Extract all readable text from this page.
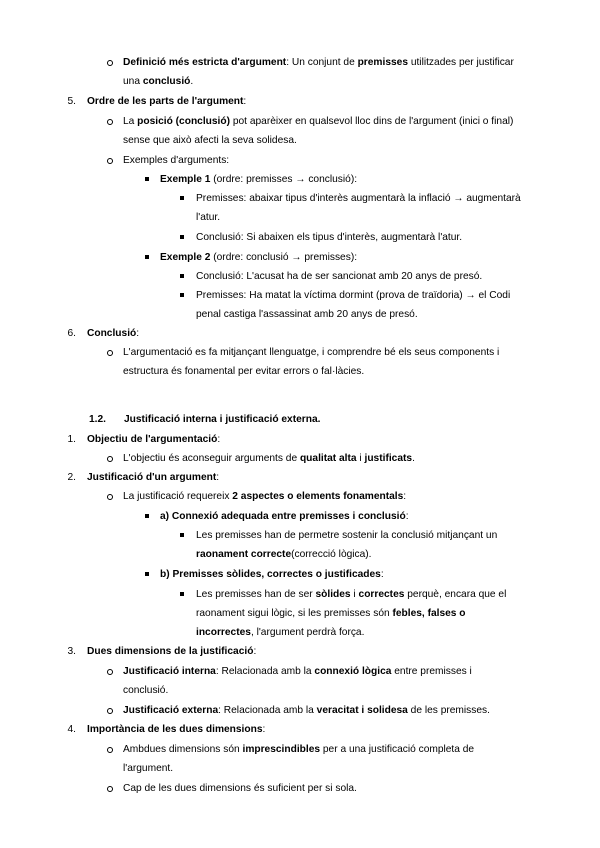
Definició més estricta d'argument: Un conjunt de premisses utilitzades per justificar
una conclusió.
5. Ordre de les parts de l'argument:
La posició (conclusió) pot aparèixer en qualsevol lloc dins de l'argument (inici o final)
sense que això afecti la seva solidesa.
Exemples d'arguments:
Exemple 1 (ordre: premisses → conclusió):
Premisses: abaixar tipus d'interès augmentarà la inflació → augmentarà
l'atur.
Conclusió: Si abaixen els tipus d'interès, augmentarà l'atur.
Exemple 2 (ordre: conclusió → premisses):
Conclusió: L'acusat ha de ser sancionat amb 20 anys de presó.
Premisses: Ha matat la víctima dormint (prova de traïdoria) → el Codi
penal castiga l'assassinat amb 20 anys de presó.
6. Conclusió:
L'argumentació es fa mitjançant llenguatge, i comprendre bé els seus components i
estructura és fonamental per evitar errors o fal·làcies.
1.2. Justificació interna i justificació externa.
1. Objectiu de l'argumentació:
L'objectiu és aconseguir arguments de qualitat alta i justificats.
2. Justificació d'un argument:
La justificació requereix 2 aspectes o elements fonamentals:
a) Connexió adequada entre premisses i conclusió:
Les premisses han de permetre sostenir la conclusió mitjançant un
raonament correcte(correcció lògica).
b) Premisses sòlides, correctes o justificades:
Les premisses han de ser sòlides i correctes perquè, encara que el
raonament sigui lògic, si les premisses són febles, falses o
incorrectes, l'argument perdrà força.
3. Dues dimensions de la justificació:
Justificació interna: Relacionada amb la connexió lògica entre premisses i
conclusió.
Justificació externa: Relacionada amb la veracitat i solidesa de les premisses.
4. Importància de les dues dimensions:
Ambdues dimensions són imprescindibles per a una justificació completa de
l'argument.
Cap de les dues dimensions és suficient per si sola.
